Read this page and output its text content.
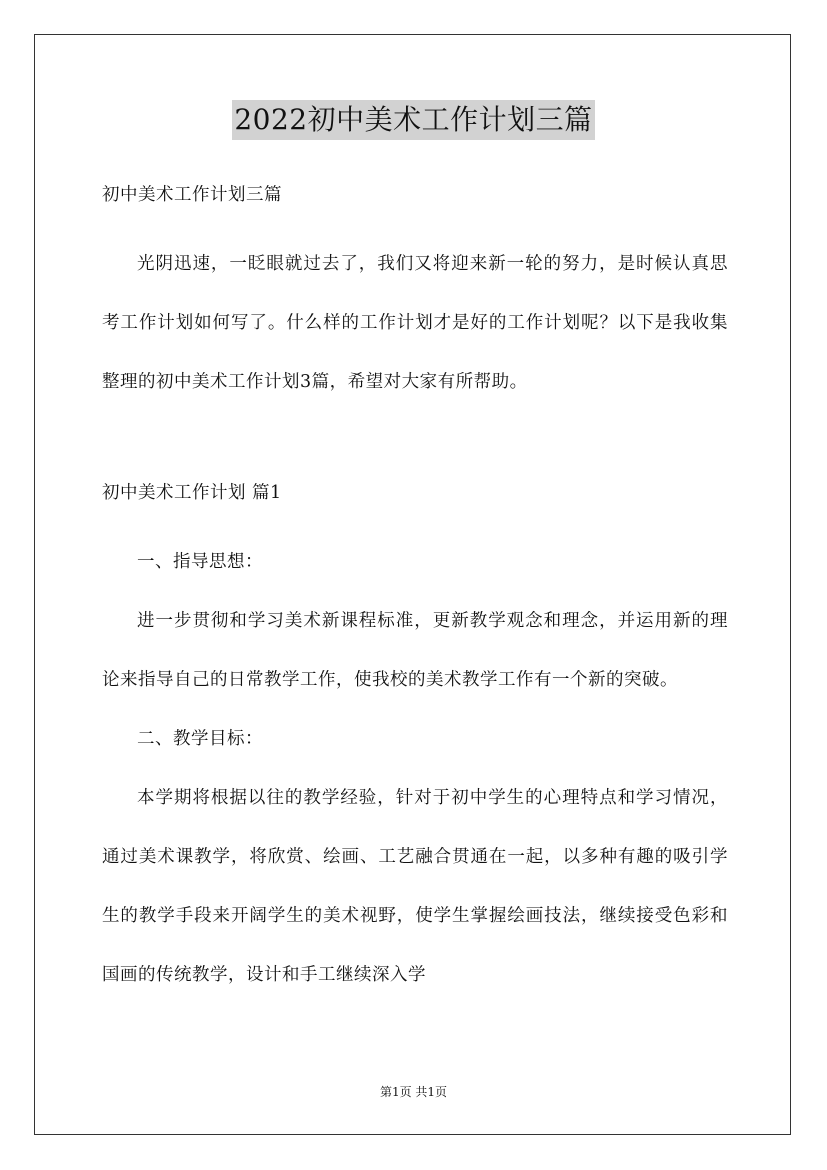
2022初中美术工作计划三篇
初中美术工作计划三篇

光阴迅速，一眨眼就过去了，我们又将迎来新一轮的努力，是时候认真思考工作计划如何写了。什么样的工作计划才是好的工作计划呢？以下是我收集整理的初中美术工作计划3篇，希望对大家有所帮助。

初中美术工作计划 篇1

一、指导思想：

进一步贯彻和学习美术新课程标准，更新教学观念和理念，并运用新的理论来指导自己的日常教学工作，使我校的美术教学工作有一个新的突破。

二、教学目标：

本学期将根据以往的教学经验，针对于初中学生的心理特点和学习情况，通过美术课教学，将欣赏、绘画、工艺融合贯通在一起，以多种有趣的吸引学生的教学手段来开阔学生的美术视野，使学生掌握绘画技法，继续接受色彩和国画的传统教学，设计和手工继续深入学

第1页 共1页
